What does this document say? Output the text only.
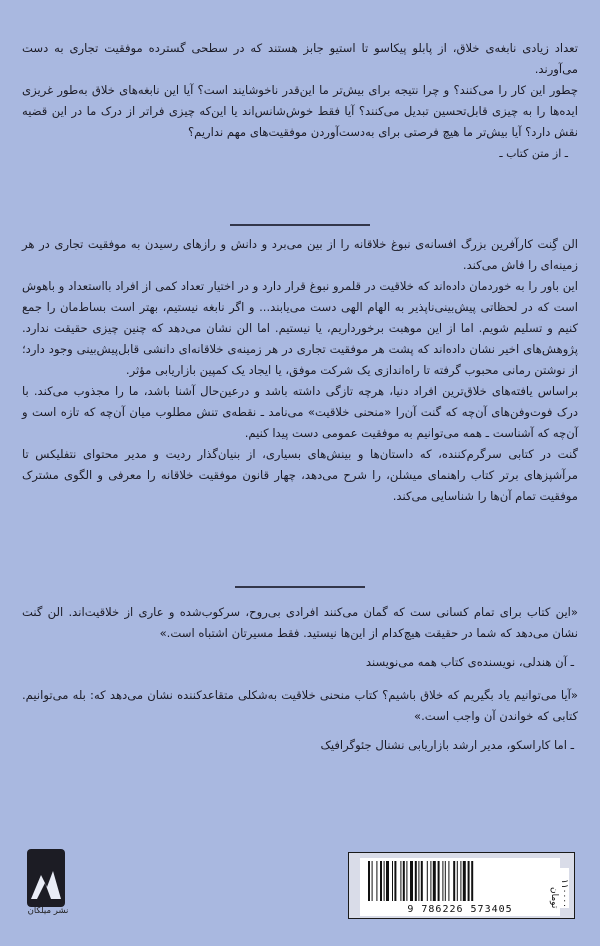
تعداد زیادی نابغه‌ی خلاق، از پابلو پیکاسو تا استیو جابز هستند که در سطحی گسترده موفقیت تجاری به دست می‌آورند.

چطور این کار را می‌کنند؟ و چرا نتیجه برای بیش‌تر ما این‌قدر ناخوشایند است؟ آیا این نابغه‌های خلاق به‌طور غریزی ایده‌ها را به چیزی قابل‌تحسین تبدیل می‌کنند؟ آیا فقط خوش‌شانس‌اند یا این‌که چیزی فراتر از درک ما در این قضیه نقش دارد؟ آیا بیش‌تر ما هیچ فرصتی برای به‌دست‌آوردن موفقیت‌های مهم نداریم؟

ـ از متن کتاب ـ

الن گِنت کارآفرین بزرگ افسانه‌ی نبوغ خلاقانه را از بین می‌برد و دانش و رازهای رسیدن به موفقیت تجاری در هر زمینه‌ای را فاش می‌کند.

این باور را به خوردمان داده‌اند که خلاقیت در قلمرو نبوغ قرار دارد و در اختیار تعداد کمی از افراد بااستعداد و باهوش است که در لحظاتی پیش‌بینی‌ناپذیر به الهام الهی دست می‌یابند... و اگر نابغه نیستیم، بهتر است بساط‌مان را جمع کنیم و تسلیم شویم. اما از این موهبت برخورداریم، یا نیستیم. اما الن نشان می‌دهد که چنین چیزی حقیقت ندارد. پژوهش‌های اخیر نشان داده‌اند که پشت هر موفقیت تجاری در هر زمینه‌ی خلاقانه‌ای دانشی قابل‌پیش‌بینی وجود دارد؛ از نوشتن رمانی محبوب گرفته تا راه‌اندازی یک شرکت موفق، یا ایجاد یک کمپین بازاریابی مؤثر.

براساس یافته‌های خلاق‌ترین افراد دنیا، هرچه تازگی داشته باشد و درعین‌حال آشنا باشد، ما را مجذوب می‌کند. با درک فوت‌وفن‌های آن‌چه که گنت آن‌را «منحنی خلاقیت» می‌نامد ـ نقطه‌ی تنش مطلوب میان آن‌چه که تازه است و آن‌چه که آشناست ـ همه می‌توانیم به موفقیت عمومی دست پیدا کنیم.

گنت در کتابی سرگرم‌کننده، که داستان‌ها و بینش‌های بسیاری، از بنیان‌گذار ردیت و مدیر محتوای نتفلیکس تا مرآشپزهای برتر کتاب راهنمای میشلن، را شرح می‌دهد، چهار قانون موفقیت خلاقانه را معرفی و الگوی مشترک موفقیت تمام آن‌ها را شناسایی می‌کند.

«این کتاب برای تمام کسانی ست که گمان می‌کنند افرادی بی‌روح، سرکوب‌شده و عاری از خلاقیت‌اند. الن گنت نشان می‌دهد که شما در حقیقت هیچ‌کدام از این‌ها نیستید. فقط مسیرتان اشتباه است.»

ـ آن هندلی، نویسنده‌ی کتاب همه می‌نویسند

«آیا می‌توانیم یاد بگیریم که خلاق باشیم؟ کتاب منحنی خلاقیت به‌شکلی متقاعدکننده نشان می‌دهد که: بله می‌توانیم. کتابی که خواندن آن واجب است.»

ـ اما کاراسکو، مدیر ارشد بازاریابی نشنال جئوگرافیک

نشر میلکان	9 786226 573405
۱۱۰۰۰۰ تومان
